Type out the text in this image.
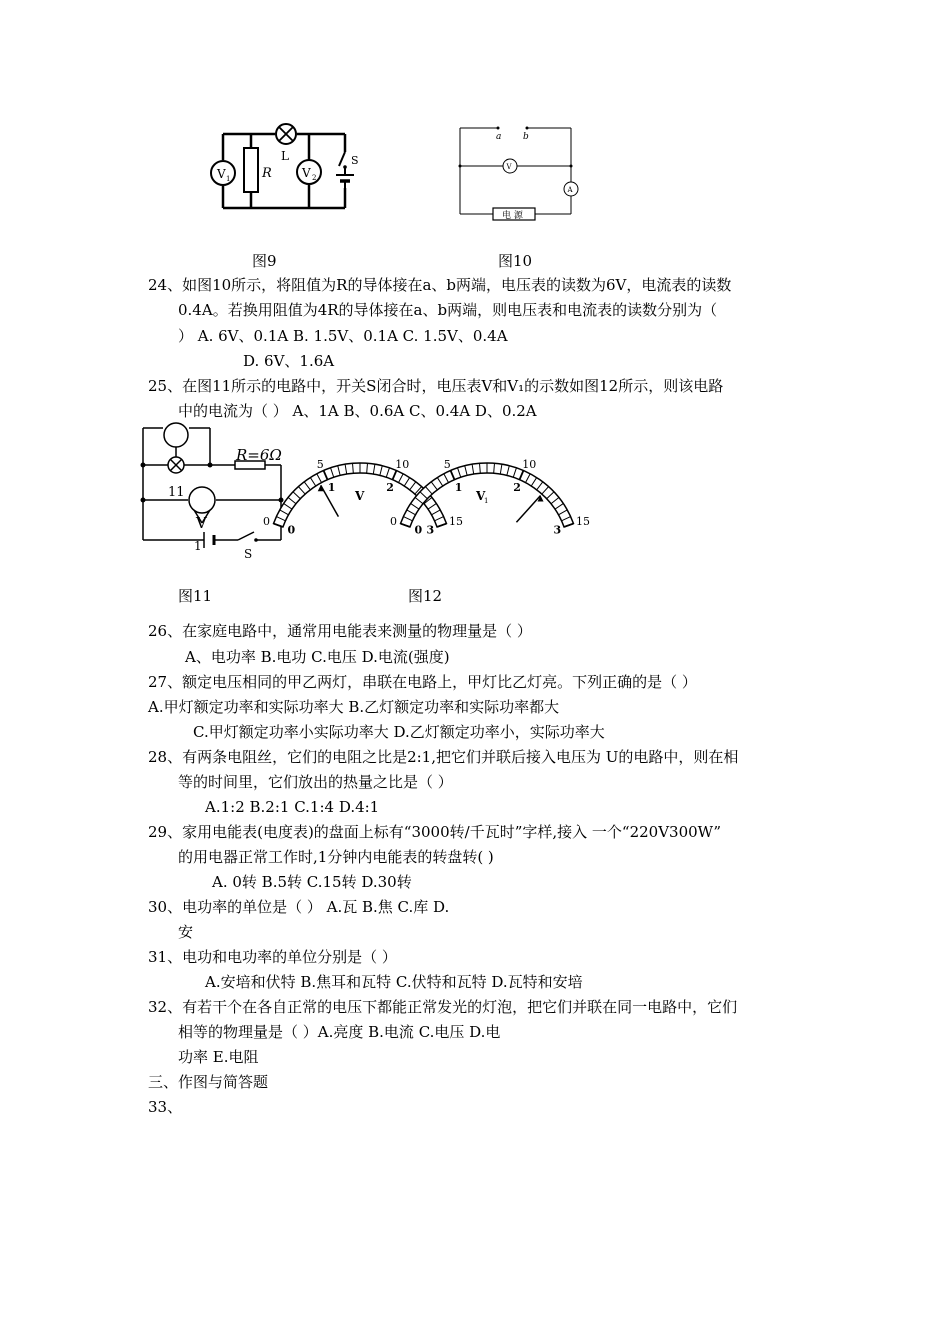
V 1 R
L
V 2
S
a b
V
A
电 源
图9	图10
24、如图10所示，将阻值为R的导体接在a、b两端，电压表的读数为6V，电流表的读数
0.4A。若换用阻值为4R的导体接在a、b两端，则电压表和电流表的读数分别为（
） A. 6V、0.1A B. 1.5V、0.1A C. 1.5V、0.4A
D. 6V、1.6A
25、在图11所示的电路中，开关S闭合时，电压表V和V₁的示数如图12所示，则该电路
中的电流为（ ） A、1A B、0.6A C、0.4A D、0.2A
R=6Ω
V
11
1
S
0
5	10
15
0
1	2
3
V
0
5	10
15
0
1	2
3
V
1
图11	图12
26、在家庭电路中，通常用电能表来测量的物理量是（ ）
A、电功率 B.电功 C.电压 D.电流(强度)
27、额定电压相同的甲乙两灯，串联在电路上，甲灯比乙灯亮。下列正确的是（ ）
A.甲灯额定功率和实际功率大 B.乙灯额定功率和实际功率都大
C.甲灯额定功率小实际功率大 D.乙灯额定功率小，实际功率大
28、有两条电阻丝，它们的电阻之比是2:1,把它们并联后接入电压为 U的电路中，则在相
等的时间里，它们放出的热量之比是（ ）
A.1:2 B.2:1 C.1:4 D.4:1
29、家用电能表(电度表)的盘面上标有“3000转/千瓦时”字样,接入 一个“220V300W”
的用电器正常工作时,1分钟内电能表的转盘转( )
A. 0转 B.5转 C.15转 D.30转
30、电功率的单位是（ ） A.瓦 B.焦 C.库 D.
安
31、电功和电功率的单位分别是（ ）
A.安培和伏特 B.焦耳和瓦特 C.伏特和瓦特 D.瓦特和安培
32、有若干个在各自正常的电压下都能正常发光的灯泡，把它们并联在同一电路中，它们
相等的物理量是（ ）A.亮度 B.电流 C.电压 D.电
功率 E.电阻
三、作图与简答题
33、
